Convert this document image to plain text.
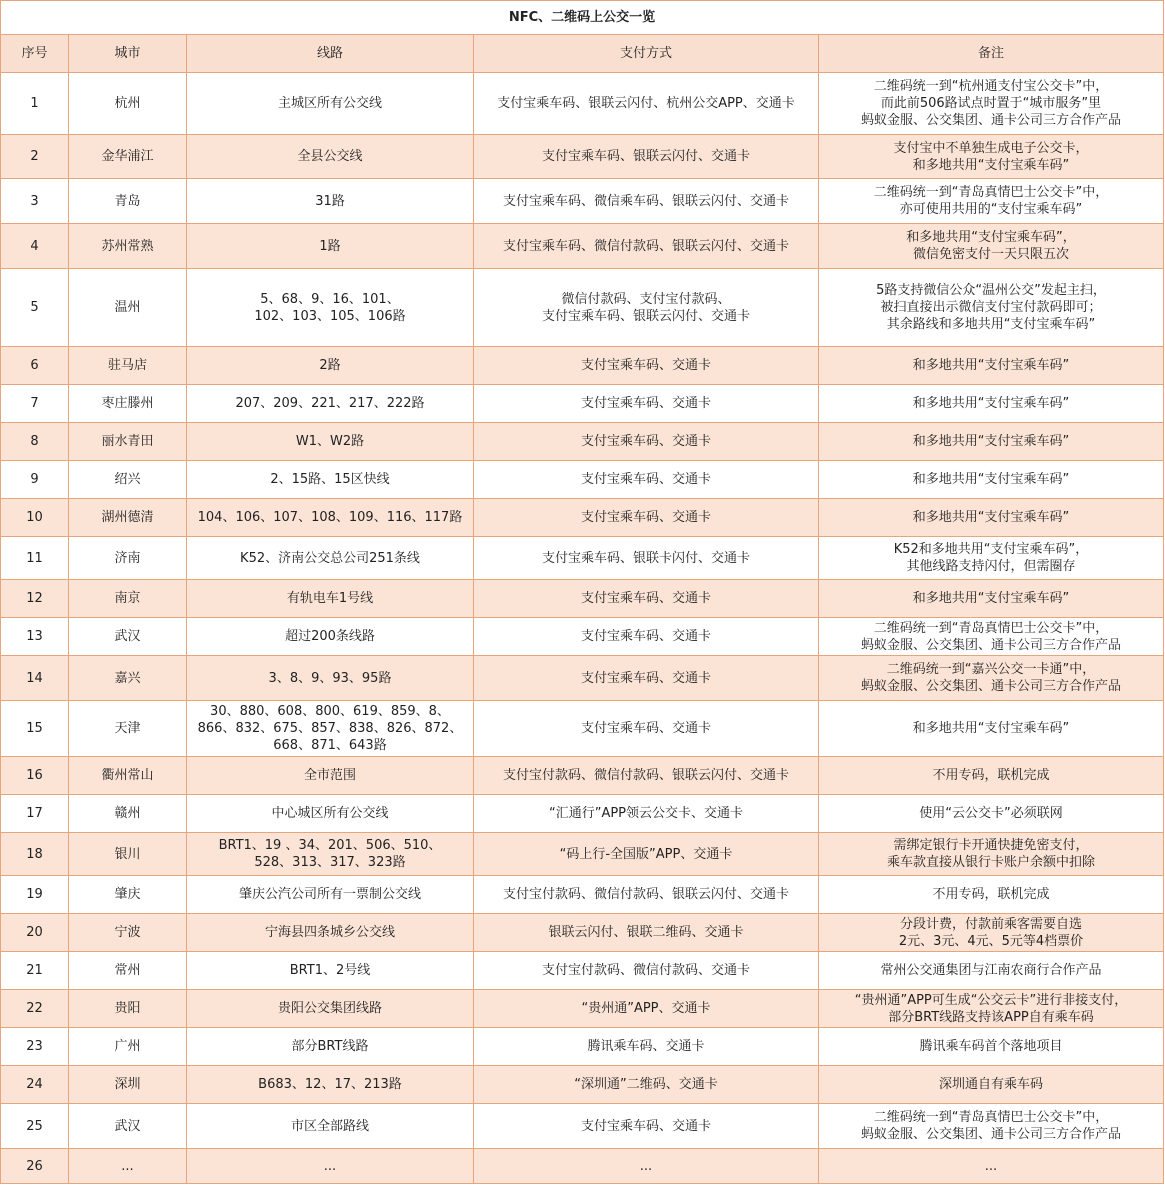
NFC、二维码上公交一览				
序号	城市	线路	支付方式	备注
1	杭州	主城区所有公交线	支付宝乘车码、银联云闪付、杭州公交APP、交通卡	二维码统一到“杭州通支付宝公交卡”中，
而此前506路试点时置于“城市服务”里
蚂蚁金服、公交集团、通卡公司三方合作产品
2	金华浦江	全县公交线	支付宝乘车码、银联云闪付、交通卡	支付宝中不单独生成电子公交卡，
和多地共用“支付宝乘车码”
3	青岛	31路	支付宝乘车码、微信乘车码、银联云闪付、交通卡	二维码统一到“青岛真情巴士公交卡”中，
亦可使用共用的“支付宝乘车码”
4	苏州常熟	1路	支付宝乘车码、微信付款码、银联云闪付、交通卡	和多地共用“支付宝乘车码”，
微信免密支付一天只限五次
5	温州	5、68、9、16、101、
102、103、105、106路	微信付款码、支付宝付款码、
支付宝乘车码、银联云闪付、交通卡	5路支持微信公众“温州公交”发起主扫，
被扫直接出示微信支付宝付款码即可；
其余路线和多地共用“支付宝乘车码”
6	驻马店	2路	支付宝乘车码、交通卡	和多地共用“支付宝乘车码”
7	枣庄滕州	207、209、221、217、222路	支付宝乘车码、交通卡	和多地共用“支付宝乘车码”
8	丽水青田	W1、W2路	支付宝乘车码、交通卡	和多地共用“支付宝乘车码”
9	绍兴	2、15路、15区快线	支付宝乘车码、交通卡	和多地共用“支付宝乘车码”
10	湖州德清	104、106、107、108、109、116、117路	支付宝乘车码、交通卡	和多地共用“支付宝乘车码”
11	济南	K52、济南公交总公司251条线	支付宝乘车码、银联卡闪付、交通卡	K52和多地共用“支付宝乘车码”，
其他线路支持闪付，但需圈存
12	南京	有轨电车1号线	支付宝乘车码、交通卡	和多地共用“支付宝乘车码”
13	武汉	超过200条线路	支付宝乘车码、交通卡	二维码统一到“青岛真情巴士公交卡”中，
蚂蚁金服、公交集团、通卡公司三方合作产品
14	嘉兴	3、8、9、93、95路	支付宝乘车码、交通卡	二维码统一到“嘉兴公交一卡通”中，
蚂蚁金服、公交集团、通卡公司三方合作产品
15	天津	30、880、608、800、619、859、8、
866、832、675、857、838、826、872、
668、871、643路	支付宝乘车码、交通卡	和多地共用“支付宝乘车码”
16	衢州常山	全市范围	支付宝付款码、微信付款码、银联云闪付、交通卡	不用专码，联机完成
17	赣州	中心城区所有公交线	“汇通行”APP领云公交卡、交通卡	使用“云公交卡”必须联网
18	银川	BRT1、19 、34、201、506、510、
528、313、317、323路	“码上行-全国版”APP、交通卡	需绑定银行卡开通快捷免密支付，
乘车款直接从银行卡账户余额中扣除
19	肇庆	肇庆公汽公司所有一票制公交线	支付宝付款码、微信付款码、银联云闪付、交通卡	不用专码，联机完成
20	宁波	宁海县四条城乡公交线	银联云闪付、银联二维码、交通卡	分段计费，付款前乘客需要自选
2元、3元、4元、5元等4档票价
21	常州	BRT1、2号线	支付宝付款码、微信付款码、交通卡	常州公交通集团与江南农商行合作产品
22	贵阳	贵阳公交集团线路	“贵州通”APP、交通卡	“贵州通”APP可生成“公交云卡”进行非接支付，
部分BRT线路支持该APP自有乘车码
23	广州	部分BRT线路	腾讯乘车码、交通卡	腾讯乘车码首个落地项目
24	深圳	B683、12、17、213路	“深圳通”二维码、交通卡	深圳通自有乘车码
25	武汉	市区全部路线	支付宝乘车码、交通卡	二维码统一到“青岛真情巴士公交卡”中，
蚂蚁金服、公交集团、通卡公司三方合作产品
26	...	...	...	...
